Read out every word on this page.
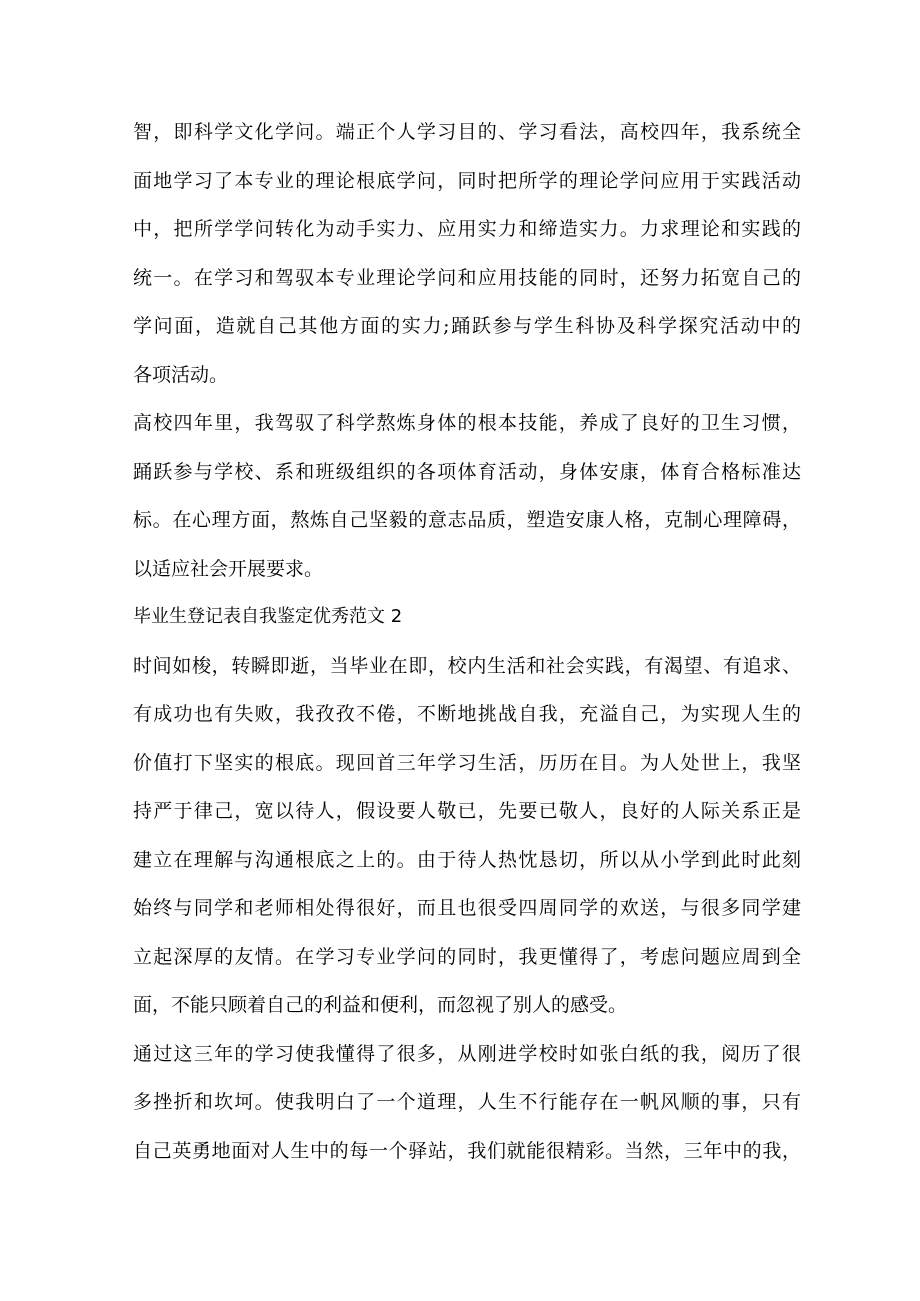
智，即科学文化学问。端正个人学习目的、学习看法，高校四年，我系统全
面地学习了本专业的理论根底学问，同时把所学的理论学问应用于实践活动
中，把所学学问转化为动手实力、应用实力和缔造实力。力求理论和实践的
统一。在学习和驾驭本专业理论学问和应用技能的同时，还努力拓宽自己的
学问面，造就自己其他方面的实力;踊跃参与学生科协及科学探究活动中的
各项活动。
高校四年里，我驾驭了科学熬炼身体的根本技能，养成了良好的卫生习惯，
踊跃参与学校、系和班级组织的各项体育活动，身体安康，体育合格标准达
标。在心理方面，熬炼自己坚毅的意志品质，塑造安康人格，克制心理障碍，
以适应社会开展要求。
毕业生登记表自我鉴定优秀范文 2
时间如梭，转瞬即逝，当毕业在即，校内生活和社会实践，有渴望、有追求、
有成功也有失败，我孜孜不倦，不断地挑战自我，充溢自己，为实现人生的
价值打下坚实的根底。现回首三年学习生活，历历在目。为人处世上，我坚
持严于律己，宽以待人，假设要人敬已，先要已敬人，良好的人际关系正是
建立在理解与沟通根底之上的。由于待人热忱恳切，所以从小学到此时此刻
始终与同学和老师相处得很好，而且也很受四周同学的欢送，与很多同学建
立起深厚的友情。在学习专业学问的同时，我更懂得了，考虑问题应周到全
面，不能只顾着自己的利益和便利，而忽视了别人的感受。
通过这三年的学习使我懂得了很多，从刚进学校时如张白纸的我，阅历了很
多挫折和坎坷。使我明白了一个道理，人生不行能存在一帆风顺的事，只有
自己英勇地面对人生中的每一个驿站，我们就能很精彩。当然，三年中的我，
